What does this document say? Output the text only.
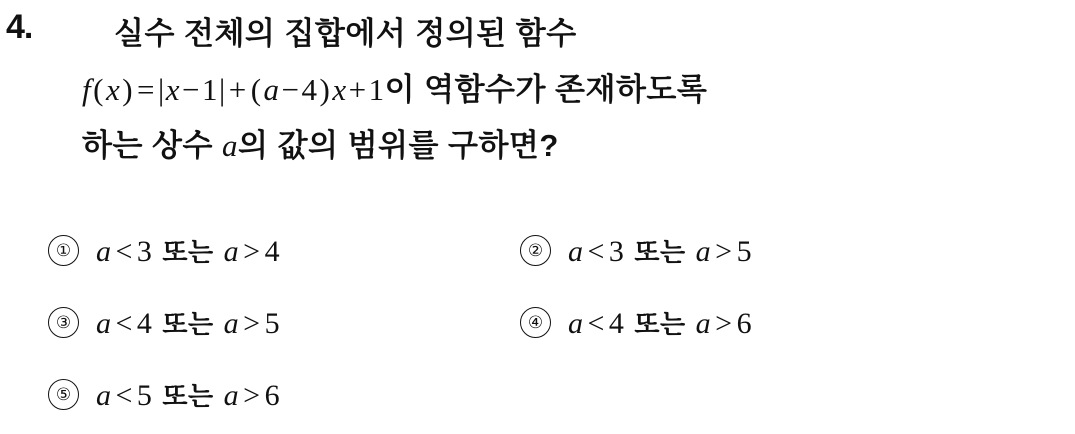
4.	실수 전체의 집합에서 정의된 함수
f(x) =|x−1|+ (a−4)x+1이 역함수가 존재하도록
하는 상수 a의 값의 범위를 구하면?
① a < 3 또는 a > 4	② a < 3 또는 a > 5
③ a < 4 또는 a > 5	④ a < 4 또는 a > 6
⑤ a < 5 또는 a > 6
